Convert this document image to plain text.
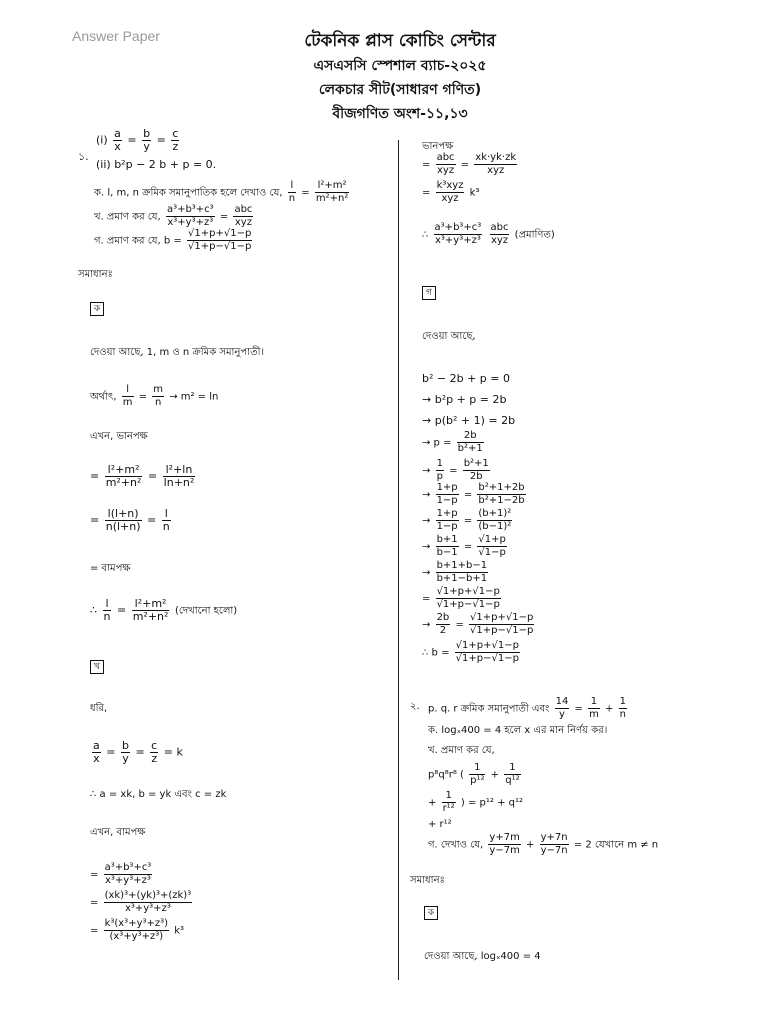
Answer Paper	টেকনিক প্লাস কোচিং সেন্টার
এসএসসি স্পেশাল ব্যাচ-২০২৫
লেকচার সীট(সাধারণ গণিত)
বীজগণিত অংশ-১১,১৩
১.
$(i) \frac{a}{x} = \frac{b}{y} = \frac{c}{z}$
(ii) b²p − 2 b + p = 0.
ক. l, m, n ক্রমিক সমানুপাতিক হলে দেখাও যে, $\frac{l}{n} = \frac{\text{l²+m²}}{\text{m²+n²}}$
খ. প্রমাণ কর যে, $\frac{\text{a³+b³+c³}}{\text{x³+y³+z³}} = \frac{\text{abc}}{\text{xyz}}$
গ. প্রমাণ কর যে, $b = \frac{√1+p+√1-p}{√1+p-√1-p}$
সমাধানঃ
ক
দেওয়া আছে, 1, m ও n ক্রমিক সমানুপাতী।
অর্থাৎ, $\frac{l}{m} = \frac{m}{n} \to m^2 = \ln$
এখন, ভানপক্ষ
= $\frac{\text{l²+m²}}{\text{m²+n²}} = \frac{\text{l²+ln}}{\text{ln+n²}}$
= $\frac{l(l+n)}{n(l+n)} = \frac{l}{n}$
= বামপক্ষ
∴ $\frac{l}{n} = \frac{\text{l²+m²}}{\text{m²+n²}}$ (দেখানো হলো)
খ
ধরি,
$\frac{a}{x} = \frac{b}{y} = \frac{c}{z} = k$
∴ a = xk, b = yk এবং c = zk
এখন, বামপক্ষ
= $\frac{\text{a³+b³+c³}}{\text{x³+y³+z³}}$
= $\frac{\text{(xk)³+(yk)³+(zk)³}}{\text{x³+y³+z³}}$
= $\frac{\text{k³(x³+y³+z³)}}{\text{(x³+y³+z³)}} k^3$
ভানপক্ষ
= $\frac{\text{abc}}{\text{xyz}} = \frac{xk\cdot yk\cdot zk}{\text{xyz}}$
= $\frac{\text{k³xyz}}{\text{xyz}} k^3$
∴ $\frac{\text{a³+b³+c³}}{\text{x³+y³+z³}}$
$\frac{\text{abc}}{\text{xyz}}$ (প্রমাণিত)
গ
দেওয়া আছে,
b² − 2b + p = 0
→ b²p + p = 2b
→ p(b² + 1) = 2b
→ $p = \frac{2b}{\text{b²+1}}$
→ $\frac{1}{p} = \frac{\text{b²+1}}{2b}$
→ $\frac{1+p}{1-p} = \frac{\text{b²+1+2b}}{\text{b²+1−2b}}$
→ $\frac{1+p}{1-p} = \frac{\text{(b+1)²}}{\text{(b−1)²}}$
→ $\frac{b+1}{b-1} = \frac{√1+p}{√1-p}$
→ $\frac{b+1+b-1}{b+1-b+1}$
= $\frac{√1+p+√1-p}{√1+p-√1-p}$
→ $\frac{2b}{2} = \frac{√1+p+√1-p}{√1+p-√1-p}$
∴ $b = \frac{√1+p+√1-p}{√1+p-√1-p}$
২. p. q. r ক্রমিক সমানুপাতী এবং $\frac{14}{y} = \frac{1}{m} + \frac{1}{n}$
ক. logₓ400 = 4 হলে x এর মান নির্ণয় কর।
খ. প্রমাণ কর যে,
p⁸q⁸r⁸ ( $\frac{1}{\text{p¹²}} + \frac{1}{\text{q¹²}}$
+ $\frac{1}{\text{r¹²}}$ ) = p¹² + q¹²
+ r¹²
গ. দেখাও যে, $\frac{y+7m}{y-7m} + \frac{y+7n}{y-7n} = 2$ যেখানে m ≠ n
সমাধানঃ
ক
দেওয়া আছে, logₓ400 = 4
